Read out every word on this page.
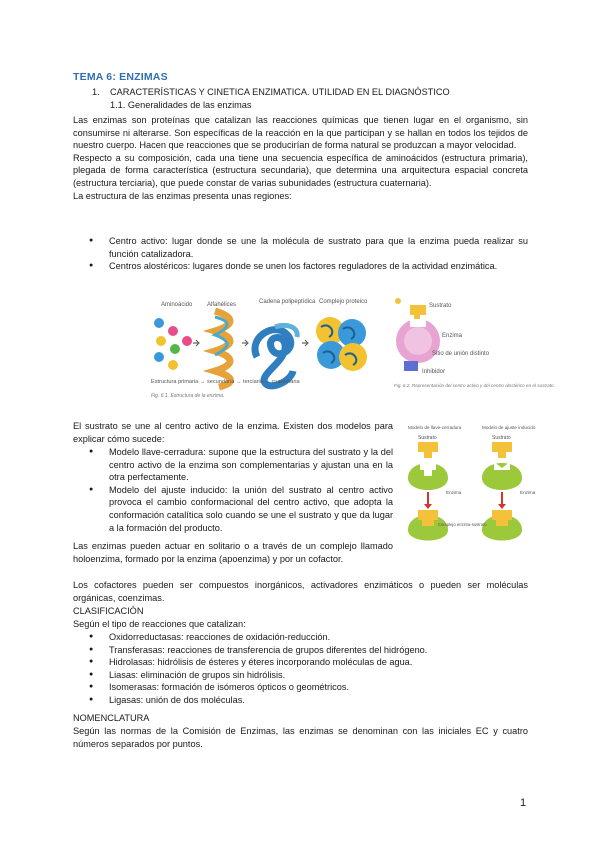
TEMA 6: ENZIMAS
1. CARACTERÍSTICAS Y CINETICA ENZIMATICA. UTILIDAD EN EL DIAGNÓSTICO
1.1. Generalidades de las enzimas

Las enzimas son proteínas que catalizan las reacciones químicas que tienen lugar en el organismo, sin consumirse ni alterarse. Son específicas de la reacción en la que participan y se hallan en todos los tejidos de nuestro cuerpo. Hacen que reacciones que se producirían de forma natural se produzcan a mayor velocidad.

Respecto a su composición, cada una tiene una secuencia específica de aminoácidos (estructura primaria), plegada de forma característica (estructura secundaria), que determina una arquitectura espacial concreta (estructura terciaria), que puede constar de varias subunidades (estructura cuaternaria).

La estructura de las enzimas presenta unas regiones:

● Centro activo: lugar donde se une la molécula de sustrato para que la enzima pueda realizar su función catalizadora.
● Centros alostéricos: lugares donde se unen los factores reguladores de la actividad enzimática.
Aminoácido Alfahélices	Cadena polipeptídica Complejo proteico
Estructura primaria → secundaria → terciaria → cuaternaria
Fig. 6.1. Estructura de la enzima.
Sustrato
Enzima
Sitio de unión distinto
Inhibidor
Fig. 6.2. Representación del centro activo y del centro alostérico en el sustrato.
Modelo de llave-cerradura	Modelo de ajuste inducido
Sustrato	Sustrato
Enzima	Enzima
Complejo enzima-sustrato
El sustrato se une al centro activo de la enzima. Existen dos modelos para explicar cómo sucede:
● Modelo llave-cerradura: supone que la estructura del sustrato y la del centro activo de la enzima son complementarias y ajustan una en la otra perfectamente.
● Modelo del ajuste inducido: la unión del sustrato al centro activo provoca el cambio conformacional del centro activo, que adopta la conformación catalítica solo cuando se une el sustrato y que da lugar a la formación del producto.
Las enzimas pueden actuar en solitario o a través de un complejo llamado holoenzima, formado por la enzima (apoenzima) y por un cofactor.
Los cofactores pueden ser compuestos inorgánicos, activadores enzimáticos o pueden ser moléculas orgánicas, coenzimas.
CLASIFICACIÓN
Según el tipo de reacciones que catalizan:
● Oxidorreductasas: reacciones de oxidación-reducción.
● Transferasas: reacciones de transferencia de grupos diferentes del hidrógeno.
● Hidrolasas: hidrólisis de ésteres y éteres incorporando moléculas de agua.
● Liasas: eliminación de grupos sin hidrólisis.
● Isomerasas: formación de isómeros ópticos o geométricos.
● Ligasas: unión de dos moléculas.
NOMENCLATURA
Según las normas de la Comisión de Enzimas, las enzimas se denominan con las iniciales EC y cuatro números separados por puntos.
1
